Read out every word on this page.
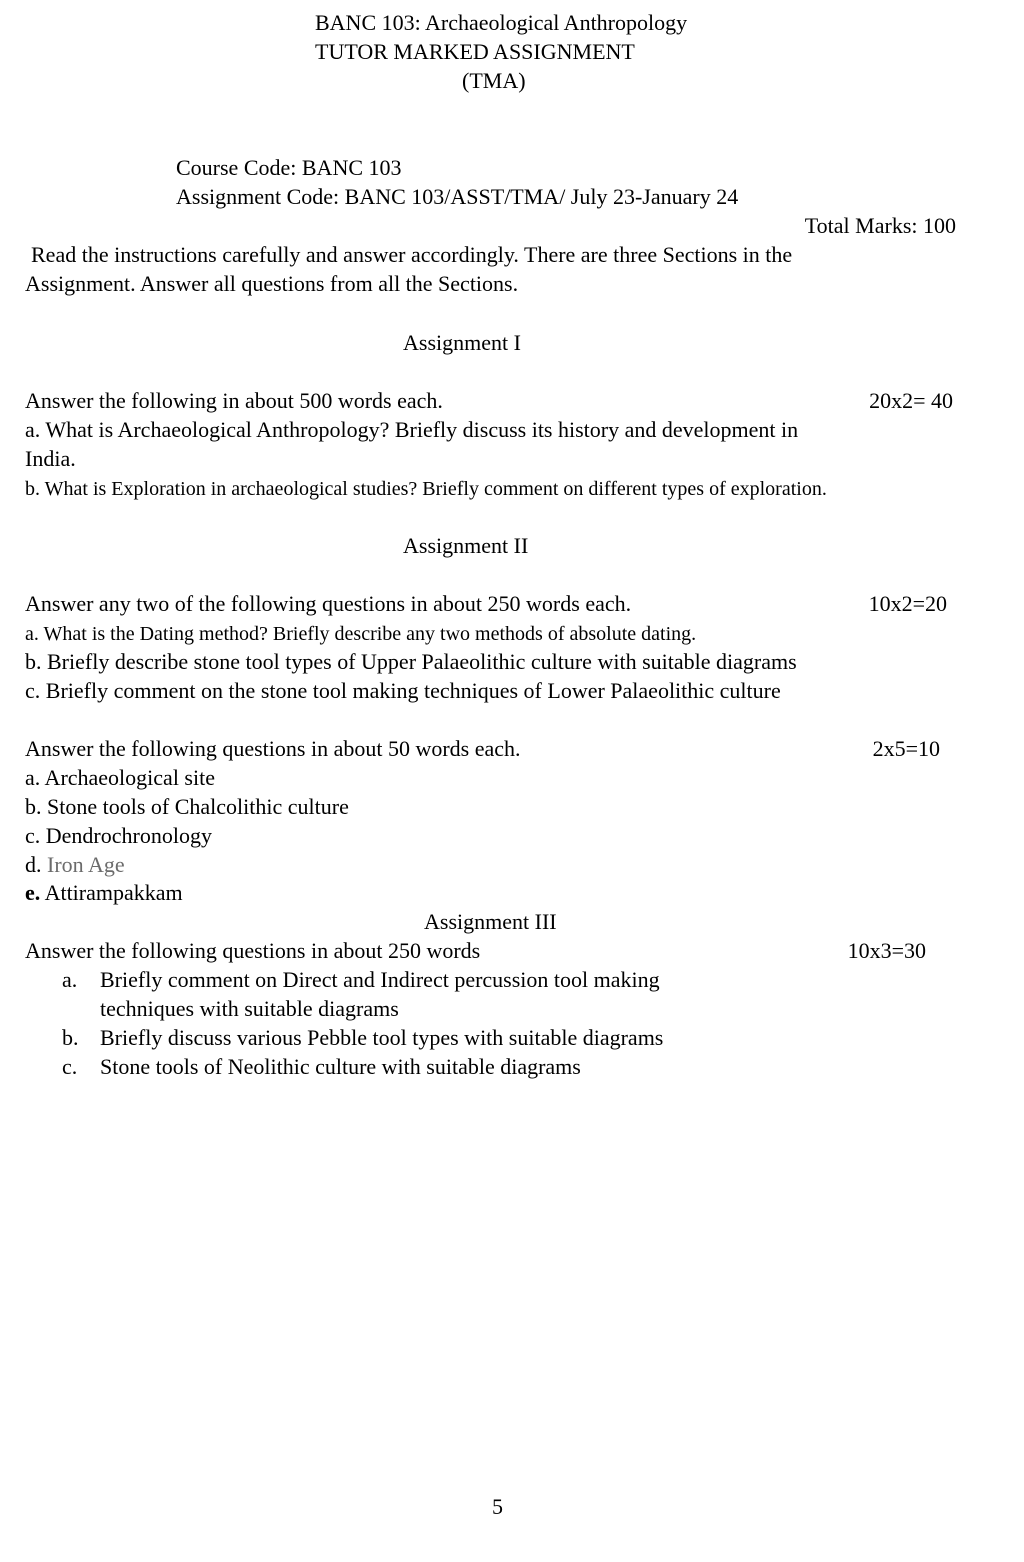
BANC 103: Archaeological Anthropology
TUTOR MARKED ASSIGNMENT
(TMA)
Course Code: BANC 103
Assignment Code: BANC 103/ASST/TMA/ July 23-January 24
Total Marks: 100
Read the instructions carefully and answer accordingly. There are three Sections in the
Assignment. Answer all questions from all the Sections.
Assignment I
Answer the following in about 500 words each.	20x2= 40
a. What is Archaeological Anthropology? Briefly discuss its history and development in
India.
b. What is Exploration in archaeological studies? Briefly comment on different types of exploration.
Assignment II
Answer any two of the following questions in about 250 words each.	10x2=20
a. What is the Dating method? Briefly describe any two methods of absolute dating.
b. Briefly describe stone tool types of Upper Palaeolithic culture with suitable diagrams
c. Briefly comment on the stone tool making techniques of Lower Palaeolithic culture
Answer the following questions in about 50 words each.	2x5=10
a. Archaeological site
b. Stone tools of Chalcolithic culture
c. Dendrochronology
d. Iron Age
e. Attirampakkam
Assignment III
Answer the following questions in about 250 words	10x3=30
a. Briefly comment on Direct and Indirect percussion tool making
techniques with suitable diagrams
b. Briefly discuss various Pebble tool types with suitable diagrams
c. Stone tools of Neolithic culture with suitable diagrams
5
